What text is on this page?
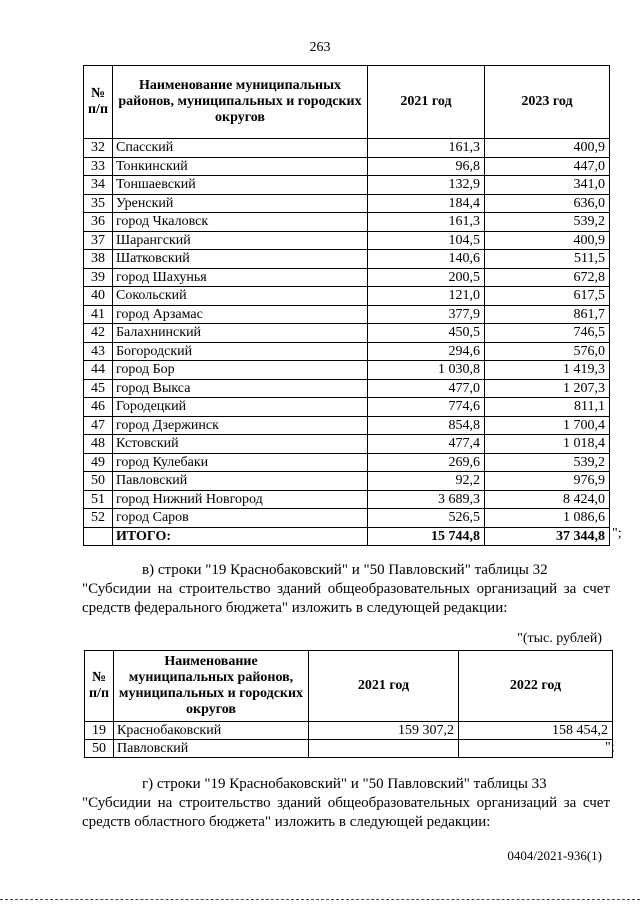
263
№ п/п	Наименование муниципальных районов, муниципальных и городских округов	2021 год	2023 год
32	Спасский	161,3	400,9
33	Тонкинский	96,8	447,0
34	Тоншаевский	132,9	341,0
35	Уренский	184,4	636,0
36	город Чкаловск	161,3	539,2
37	Шарангский	104,5	400,9
38	Шатковский	140,6	511,5
39	город Шахунья	200,5	672,8
40	Сокольский	121,0	617,5
41	город Арзамас	377,9	861,7
42	Балахнинский	450,5	746,5
43	Богородский	294,6	576,0
44	город Бор	1 030,8	1 419,3
45	город Выкса	477,0	1 207,3
46	Городецкий	774,6	811,1
47	город Дзержинск	854,8	1 700,4
48	Кстовский	477,4	1 018,4
49	город Кулебаки	269,6	539,2
50	Павловский	92,2	976,9
51	город Нижний Новгород	3 689,3	8 424,0
52	город Саров	526,5	1 086,6
	ИТОГО:	15 744,8	37 344,8 ";
в) строки "19 Краснобаковский" и "50 Павловский" таблицы 32
"Субсидии на строительство зданий общеобразовательных организаций за счет средств федерального бюджета" изложить в следующей редакции:
"(тыс. рублей)
№ п/п	Наименование муниципальных районов, муниципальных и городских округов	2021 год	2022 год
19	Краснобаковский	159 307,2	158 454,2
50	Павловский			";
г) строки "19 Краснобаковский" и "50 Павловский" таблицы 33
"Субсидии на строительство зданий общеобразовательных организаций за счет средств областного бюджета" изложить в следующей редакции:
0404/2021-936(1)
